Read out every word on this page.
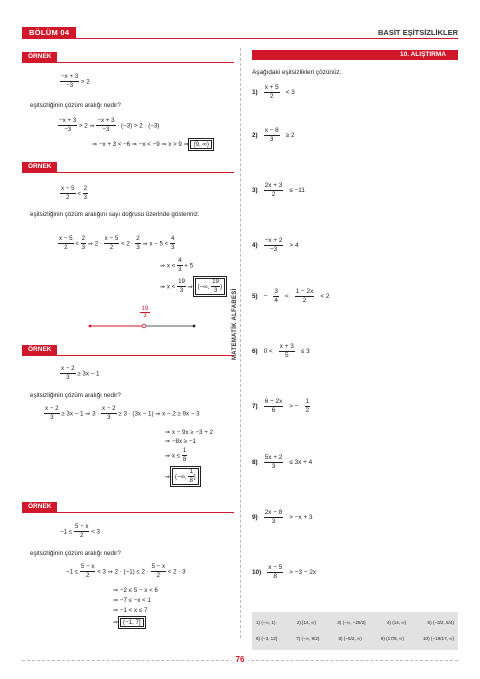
BÖLÜM 04	BASİT EŞİTSİZLİKLER
MATEMATİK ALFABESİ
ÖRNEK
$\frac{-x + 3}{-3} > 2$
eşitsizliğinin çözüm aralığı nedir?
$\frac{-x + 3}{-3} > 2$ ⇒ $\frac{-x + 3}{-3} \cdot (-3) > 2 \cdot (-3)$
⇒ −x + 3 < −6 ⇒ −x < −9 ⇒ x > 9 ⇒ (9, ∞)
ÖRNEK
$\frac{x - 5}{2} < \frac{2}{3}$
eşitsizliğinin çözüm aralığını sayı doğrusu üzerinde gösteriniz.
$\frac{x - 5}{2} < \frac{2}{3}$ ⇒ $2 \cdot \frac{x - 5}{2} < 2 \cdot \frac{2}{3}$ ⇒ $x - 5 < \frac{4}{3}$
⇒ $x < \frac{4}{3} + 5$
⇒ $x < \frac{19}{3}$ ⇒ (−∞, $\frac{19}{3}$ )
19
3
ÖRNEK
$\frac{x - 2}{3} \ge 3x - 1$
eşitsizliğinin çözüm aralığı nedir?
$\frac{x - 2}{3} \ge 3x - 1$ ⇒ $3 \cdot \frac{x - 2}{3} \ge 3 \cdot (3x - 1)$ ⇒ x − 2 ≥ 9x − 3
⇒ x − 9x ≥ −3 + 2
⇒ −8x ≥ −1
⇒ $x \le \frac{1}{8}$
⇒ (−∞, $\frac{1}{8}$ ]
ÖRNEK
$-1 \le \frac{5 - x}{2} < 3$
eşitsizliğinin çözüm aralığı nedir?
$-1 \le \frac{5 - x}{2} < 3$ ⇒ $2 \cdot (-1) \le 2 \cdot \frac{5 - x}{2} < 2 \cdot 3$
⇒ −2 ≤ 5 − x < 6
⇒ −7 ≤ −x < 1
⇒ −1 < x ≤ 7
⇒ (−1, 7]
10. ALIŞTIRMA
Aşağıdaki eşitsizlikleri çözünüz.
$1) \frac{x + 5}{2} < 3$
$2) \frac{x - 8}{3} \ge 2$
$3) \frac{2x + 3}{2} \le -11$
$4) \frac{-x + 2}{-3} > 4$
$5) - \frac{3}{4} < \frac{1 - 2x}{2} < 2$
6) $0 < \frac{x + 3}{5} \le 3$
$7) \frac{6 - 2x}{6}$ > − $\frac{1}{2}$
$8) \frac{5x + 2}{3} \le 3x + 4$
$9) \frac{2x - 8}{3} > -x + 3$
$10) \frac{x - 5}{8} > -3 - 2x$
1) (−∞, 1)	2) [14, ∞)	3) (−∞, −25/2]	4) (14, ∞)	5) (−3/2, 5/4)
6) (−3, 12]	7) (−∞, 9/2)	8) (−5/2, ∞)	9) (17/8, ∞)	10) (−19/17, ∞)
76
